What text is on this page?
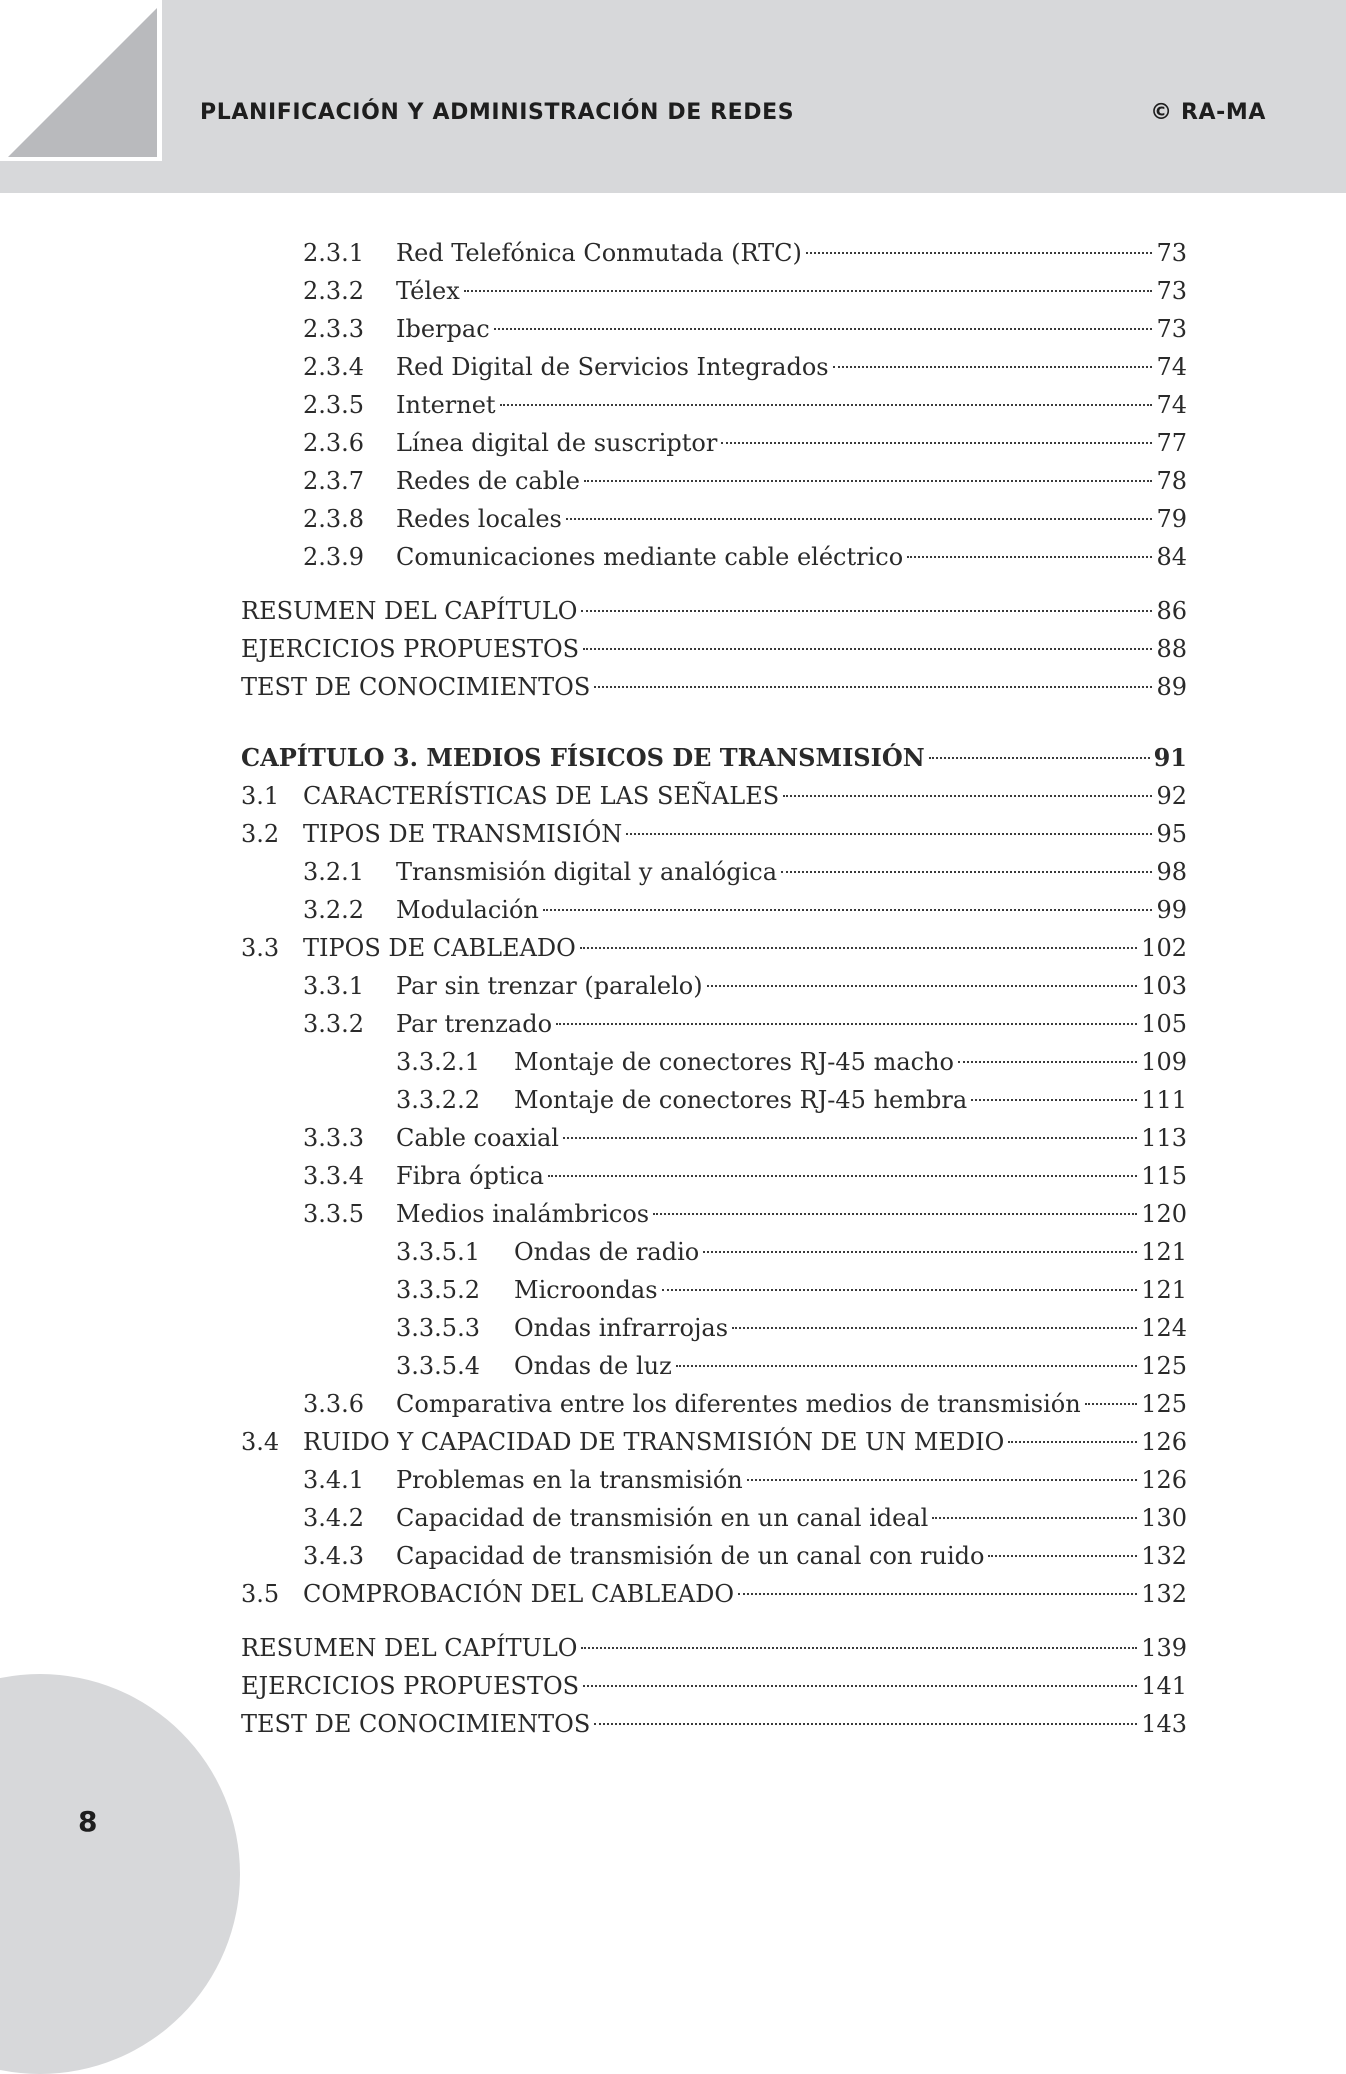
PLANIFICACIÓN Y ADMINISTRACIÓN DE REDES	© RA-MA
2.3.1	Red Telefónica Conmutada (RTC)	73
2.3.2	Télex	73
2.3.3	Iberpac	73
2.3.4	Red Digital de Servicios Integrados	74
2.3.5	Internet	74
2.3.6	Línea digital de suscriptor	77
2.3.7	Redes de cable	78
2.3.8	Redes locales	79
2.3.9	Comunicaciones mediante cable eléctrico	84
RESUMEN DEL CAPÍTULO	86
EJERCICIOS PROPUESTOS	88
TEST DE CONOCIMIENTOS	89
CAPÍTULO 3. MEDIOS FÍSICOS DE TRANSMISIÓN	91
3.1 CARACTERÍSTICAS DE LAS SEÑALES	92
3.2 TIPOS DE TRANSMISIÓN	95
3.2.1	Transmisión digital y analógica	98
3.2.2	Modulación	99
3.3 TIPOS DE CABLEADO	102
3.3.1	Par sin trenzar (paralelo)	103
3.3.2	Par trenzado	105
3.3.2.1	Montaje de conectores RJ-45 macho	109
3.3.2.2	Montaje de conectores RJ-45 hembra	111
3.3.3	Cable coaxial	113
3.3.4	Fibra óptica	115
3.3.5	Medios inalámbricos	120
3.3.5.1	Ondas de radio	121
3.3.5.2	Microondas	121
3.3.5.3	Ondas infrarrojas	124
3.3.5.4	Ondas de luz	125
3.3.6	Comparativa entre los diferentes medios de transmisión	125
3.4 RUIDO Y CAPACIDAD DE TRANSMISIÓN DE UN MEDIO	126
3.4.1	Problemas en la transmisión	126
3.4.2	Capacidad de transmisión en un canal ideal	130
3.4.3	Capacidad de transmisión de un canal con ruido	132
3.5 COMPROBACIÓN DEL CABLEADO	132
RESUMEN DEL CAPÍTULO	139
EJERCICIOS PROPUESTOS	141
TEST DE CONOCIMIENTOS	143
8
